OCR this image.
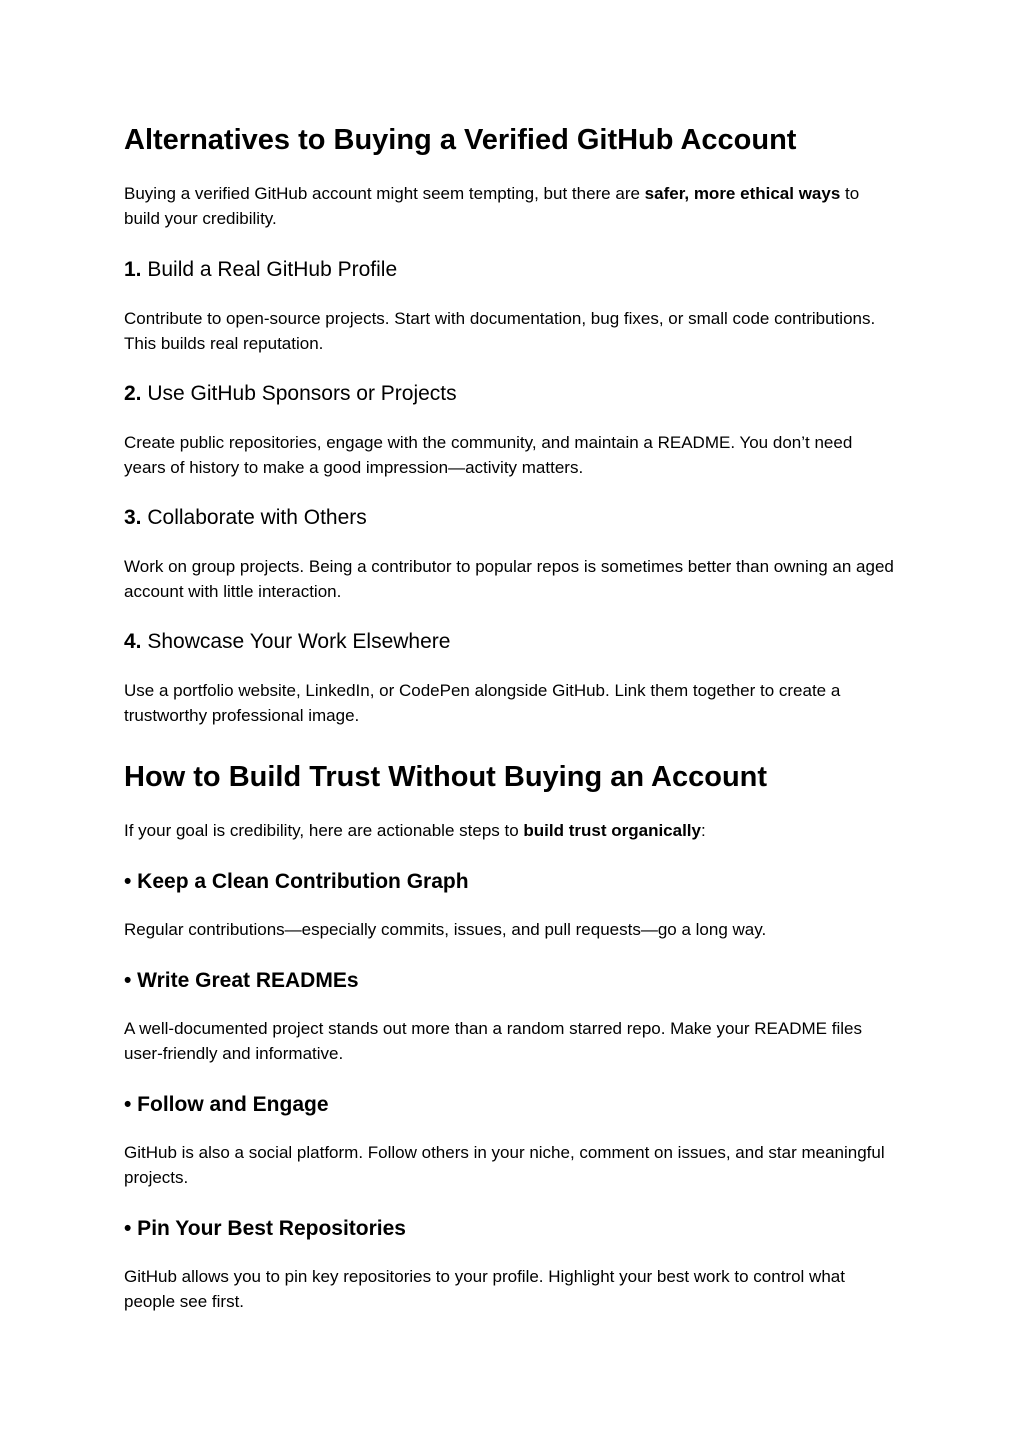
Alternatives to Buying a Verified GitHub Account

Buying a verified GitHub account might seem tempting, but there are safer, more ethical ways to build your credibility.

1. Build a Real GitHub Profile

Contribute to open-source projects. Start with documentation, bug fixes, or small code contributions. This builds real reputation.

2. Use GitHub Sponsors or Projects

Create public repositories, engage with the community, and maintain a README. You don’t need years of history to make a good impression—activity matters.

3. Collaborate with Others

Work on group projects. Being a contributor to popular repos is sometimes better than owning an aged account with little interaction.

4. Showcase Your Work Elsewhere

Use a portfolio website, LinkedIn, or CodePen alongside GitHub. Link them together to create a trustworthy professional image.

How to Build Trust Without Buying an Account

If your goal is credibility, here are actionable steps to build trust organically:

• Keep a Clean Contribution Graph

Regular contributions—especially commits, issues, and pull requests—go a long way.

• Write Great READMEs

A well-documented project stands out more than a random starred repo. Make your README files user-friendly and informative.

• Follow and Engage

GitHub is also a social platform. Follow others in your niche, comment on issues, and star meaningful projects.

• Pin Your Best Repositories

GitHub allows you to pin key repositories to your profile. Highlight your best work to control what people see first.
